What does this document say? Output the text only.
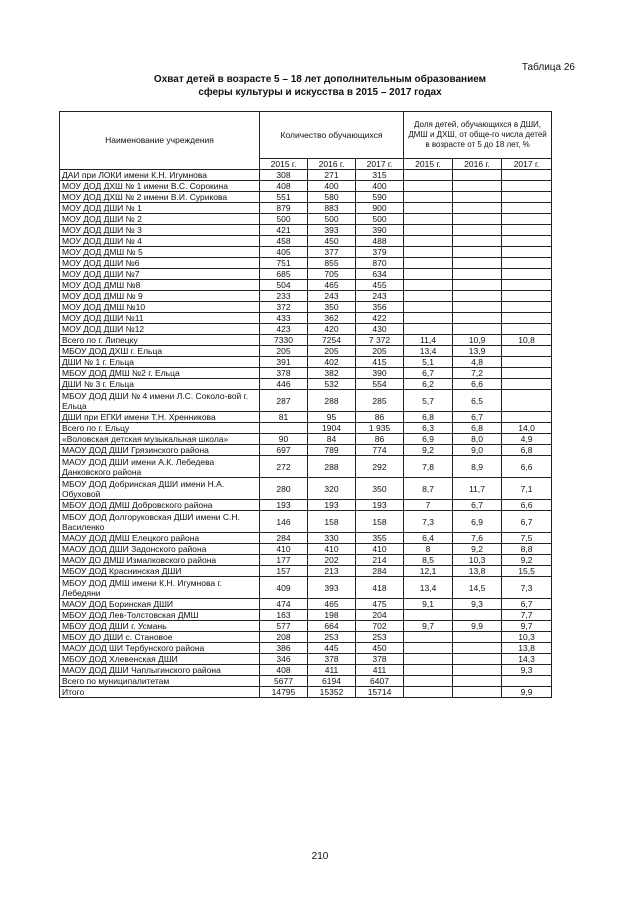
Таблица 26
Охват детей в возрасте 5 – 18 лет дополнительным образованием
сферы культуры и искусства в 2015 – 2017 годах
Наименование учреждения	Количество обучающихся			Доля детей, обучающихся в ДШИ, ДМШ и ДХШ, от обще-го числа детей в возрасте от 5 до 18 лет, %		
	2015 г.	2016 г.	2017 г.	2015 г.	2016 г.	2017 г.
ДАИ при ЛОКИ имени К.Н. Игумнова	308	271	315			
МОУ ДОД ДХШ № 1 имени В.С. Сорокина	408	400	400			
МОУ ДОД ДХШ № 2 имени В.И. Сурикова	551	580	590			
МОУ ДОД ДШИ № 1	879	883	900			
МОУ ДОД ДШИ № 2	500	500	500			
МОУ ДОД ДШИ № 3	421	393	390			
МОУ ДОД ДШИ № 4	458	450	488			
МОУ ДОД ДМШ № 5	405	377	379			
МОУ ДОД ДШИ №6	751	855	870			
МОУ ДОД ДШИ №7	685	705	634			
МОУ ДОД ДМШ №8	504	465	455			
МОУ ДОД ДМШ № 9	233	243	243			
МОУ ДОД ДМШ №10	372	350	356			
МОУ ДОД ДШИ №11	433	362	422			
МОУ ДОД ДШИ №12	423	420	430			
Всего по г. Липецку	7330	7254	7 372	11,4	10,9	10,8
МБОУ ДОД ДХШ г. Ельца	205	205	205	13,4	13,9	
ДШИ № 1 г. Ельца	391	402	415	5,1	4,8	
МБОУ ДОД ДМШ №2 г. Ельца	378	382	390	6,7	7,2	
ДШИ № 3 г. Ельца	446	532	554	6,2	6,6	
МБОУ ДОД ДШИ № 4 имени Л.С. Соколо-вой г. Ельца	287	288	285	5,7	6,5	
ДШИ при ЕГКИ имени Т.Н. Хренникова	81	95	86	6,8	6,7	
Всего по г. Ельцу		1904	1 935	6,3	6,8	14,0
«Воловская детская музыкальная школа»	90	84	86	6,9	8,0	4,9
МАОУ ДОД ДШИ Грязинского района	697	789	774	9,2	9,0	6,8
МАОУ ДОД ДШИ имени А.К. Лебедева Данковского района	272	288	292	7,8	8,9	6,6
МБОУ ДОД Добринская ДШИ имени Н.А. Обуховой	280	320	350	8,7	11,7	7,1
МБОУ ДОД ДМШ Добровского района	193	193	193	7	6,7	6,6
МБОУ ДОД Долгоруковская ДШИ имени С.Н. Василенко	146	158	158	7,3	6,9	6,7
МАОУ ДОД ДМШ Елецкого района	284	330	355	6,4	7,6	7,5
МАОУ ДОД ДШИ Задонского района	410	410	410	8	9,2	8,8
МАОУ ДО ДМШ Измалковского района	177	202	214	8,5	10,3	9,2
МБОУ ДОД Краснинская ДШИ	157	213	284	12,1	13,8	15,5
МБОУ ДОД ДМШ имени К.Н. Игумнова г. Лебедяни	409	393	418	13,4	14,5	7,3
МАОУ ДОД Боринская ДШИ	474	465	475	9,1	9,3	6,7
МБОУ ДОД Лев-Толстовская ДМШ	163	198	204			7,7
МБОУ ДОД ДШИ г. Усмань	577	664	702	9,7	9,9	9,7
МБОУ ДО ДШИ с. Становое	208	253	253			10,3
МАОУ ДОД ШИ Тербунского района	386	445	450			13,8
МБОУ ДОД Хлевенская ДШИ	346	378	378			14,3
МАОУ ДОД ДШИ Чаплыгинского района	408	411	411			9,3
Всего по муниципалитетам	5677	6194	6407			
Итого	14795	15352	15714			9,9
210
